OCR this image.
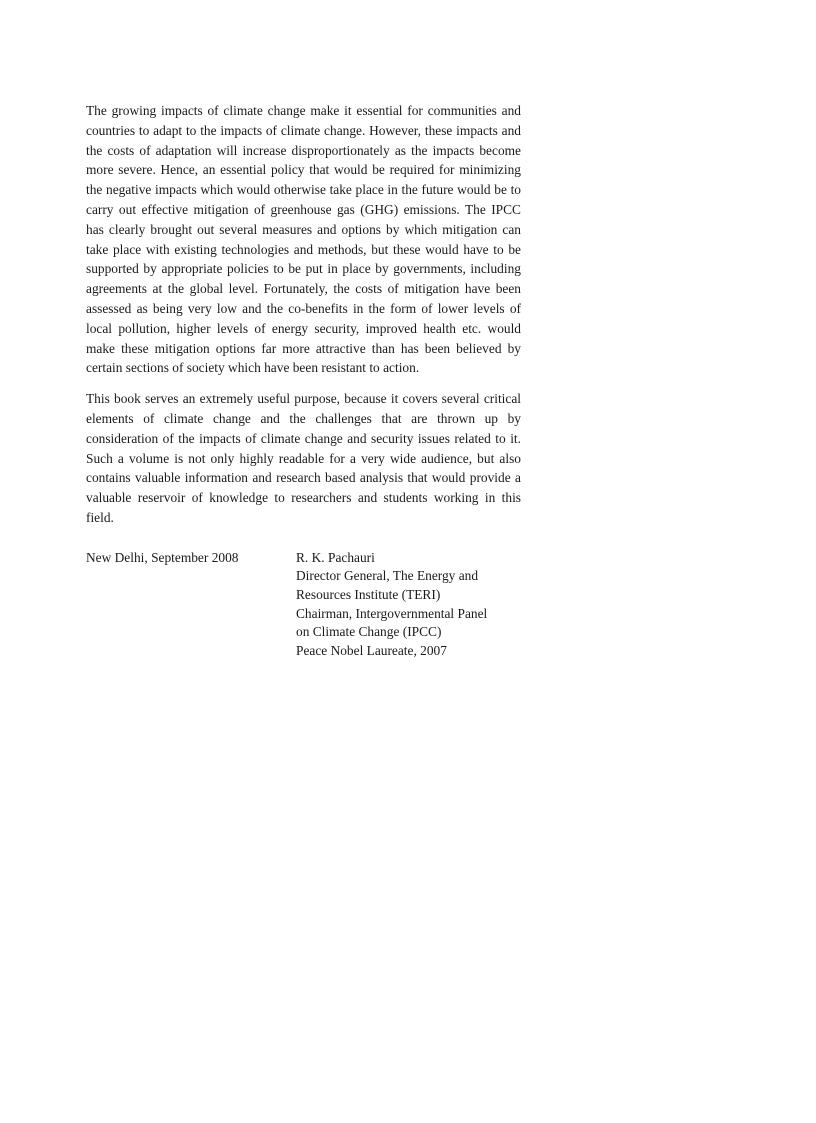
The growing impacts of climate change make it essential for communities and countries to adapt to the impacts of climate change. However, these impacts and the costs of adaptation will increase disproportionately as the impacts become more severe. Hence, an essential policy that would be required for minimizing the negative impacts which would otherwise take place in the future would be to carry out effective mitigation of greenhouse gas (GHG) emissions. The IPCC has clearly brought out several measures and options by which mitigation can take place with existing technologies and methods, but these would have to be supported by appropriate policies to be put in place by governments, including agreements at the global level. Fortunately, the costs of mitigation have been assessed as being very low and the co-benefits in the form of lower levels of local pollution, higher levels of energy security, improved health etc. would make these mitigation options far more attractive than has been believed by certain sections of society which have been resistant to action.

This book serves an extremely useful purpose, because it covers several critical elements of climate change and the challenges that are thrown up by consideration of the impacts of climate change and security issues related to it. Such a volume is not only highly readable for a very wide audience, but also contains valuable information and research based analysis that would provide a valuable reservoir of knowledge to researchers and students working in this field.

New Delhi, September 2008	R. K. Pachauri
Director General, The Energy and
Resources Institute (TERI)
Chairman, Intergovernmental Panel
on Climate Change (IPCC)
Peace Nobel Laureate, 2007
